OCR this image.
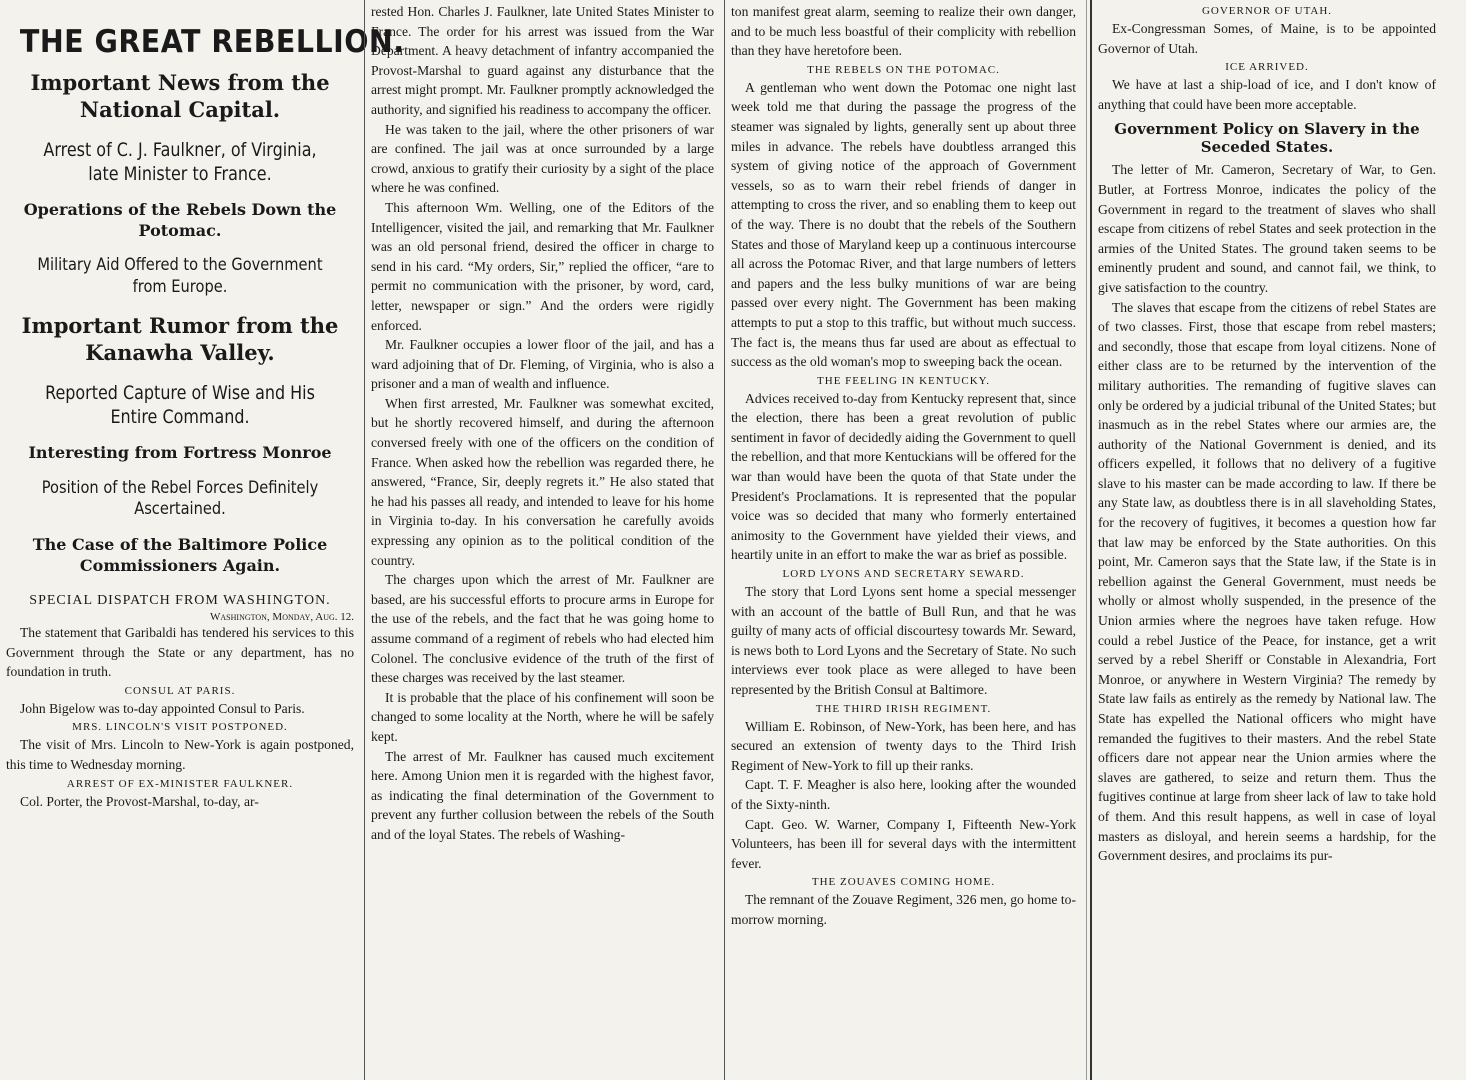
THE GREAT REBELLION.
Important News from the National Capital.
Arrest of C. J. Faulkner, of Virginia, late Minister to France.
Operations of the Rebels Down the Potomac.
Military Aid Offered to the Government from Europe.
Important Rumor from the Kanawha Valley.
Reported Capture of Wise and His Entire Command.
Interesting from Fortress Monroe
Position of the Rebel Forces Definitely Ascertained.
The Case of the Baltimore Police Commissioners Again.
SPECIAL DISPATCH FROM WASHINGTON.
Washington, Monday, Aug. 12.

The statement that Garibaldi has tendered his services to this Government through the State or any department, has no foundation in truth.

CONSUL AT PARIS.

John Bigelow was to-day appointed Consul to Paris.

MRS. LINCOLN'S VISIT POSTPONED.

The visit of Mrs. Lincoln to New-York is again postponed, this time to Wednesday morning.

ARREST OF EX-MINISTER FAULKNER.

Col. Porter, the Provost-Marshal, to-day, ar-

rested Hon. Charles J. Faulkner, late United States Minister to France. The order for his arrest was issued from the War Department. A heavy detachment of infantry accompanied the Provost-Marshal to guard against any disturbance that the arrest might prompt. Mr. Faulkner promptly acknowledged the authority, and signified his readiness to accompany the officer.

He was taken to the jail, where the other prisoners of war are confined. The jail was at once surrounded by a large crowd, anxious to gratify their curiosity by a sight of the place where he was confined.

This afternoon Wm. Welling, one of the Editors of the Intelligencer, visited the jail, and remarking that Mr. Faulkner was an old personal friend, desired the officer in charge to send in his card. “My orders, Sir,” replied the officer, “are to permit no communication with the prisoner, by word, card, letter, newspaper or sign.” And the orders were rigidly enforced.

Mr. Faulkner occupies a lower floor of the jail, and has a ward adjoining that of Dr. Fleming, of Virginia, who is also a prisoner and a man of wealth and influence.

When first arrested, Mr. Faulkner was somewhat excited, but he shortly recovered himself, and during the afternoon conversed freely with one of the officers on the condition of France. When asked how the rebellion was regarded there, he answered, “France, Sir, deeply regrets it.” He also stated that he had his passes all ready, and intended to leave for his home in Virginia to-day. In his conversation he carefully avoids expressing any opinion as to the political condition of the country.

The charges upon which the arrest of Mr. Faulkner are based, are his successful efforts to procure arms in Europe for the use of the rebels, and the fact that he was going home to assume command of a regiment of rebels who had elected him Colonel. The conclusive evidence of the truth of the first of these charges was received by the last steamer.

It is probable that the place of his confinement will soon be changed to some locality at the North, where he will be safely kept.

The arrest of Mr. Faulkner has caused much excitement here. Among Union men it is regarded with the highest favor, as indicating the final determination of the Government to prevent any further collusion between the rebels of the South and of the loyal States. The rebels of Washing-

ton manifest great alarm, seeming to realize their own danger, and to be much less boastful of their complicity with rebellion than they have heretofore been.

THE REBELS ON THE POTOMAC.

A gentleman who went down the Potomac one night last week told me that during the passage the progress of the steamer was signaled by lights, generally sent up about three miles in advance. The rebels have doubtless arranged this system of giving notice of the approach of Government vessels, so as to warn their rebel friends of danger in attempting to cross the river, and so enabling them to keep out of the way. There is no doubt that the rebels of the Southern States and those of Maryland keep up a continuous intercourse all across the Potomac River, and that large numbers of letters and papers and the less bulky munitions of war are being passed over every night. The Government has been making attempts to put a stop to this traffic, but without much success. The fact is, the means thus far used are about as effectual to success as the old woman's mop to sweeping back the ocean.

THE FEELING IN KENTUCKY.

Advices received to-day from Kentucky represent that, since the election, there has been a great revolution of public sentiment in favor of decidedly aiding the Government to quell the rebellion, and that more Kentuckians will be offered for the war than would have been the quota of that State under the President's Proclamations. It is represented that the popular voice was so decided that many who formerly entertained animosity to the Government have yielded their views, and heartily unite in an effort to make the war as brief as possible.

LORD LYONS AND SECRETARY SEWARD.

The story that Lord Lyons sent home a special messenger with an account of the battle of Bull Run, and that he was guilty of many acts of official discourtesy towards Mr. Seward, is news both to Lord Lyons and the Secretary of State. No such interviews ever took place as were alleged to have been represented by the British Consul at Baltimore.

THE THIRD IRISH REGIMENT.

William E. Robinson, of New-York, has been here, and has secured an extension of twenty days to the Third Irish Regiment of New-York to fill up their ranks.

Capt. T. F. Meagher is also here, looking after the wounded of the Sixty-ninth.

Capt. Geo. W. Warner, Company I, Fifteenth New-York Volunteers, has been ill for several days with the intermittent fever.

THE ZOUAVES COMING HOME.

The remnant of the Zouave Regiment, 326 men, go home to-morrow morning.

GOVERNOR OF UTAH.

Ex-Congressman Somes, of Maine, is to be appointed Governor of Utah.

ICE ARRIVED.

We have at last a ship-load of ice, and I don't know of anything that could have been more acceptable.

Government Policy on Slavery in the Seceded States.

The letter of Mr. Cameron, Secretary of War, to Gen. Butler, at Fortress Monroe, indicates the policy of the Government in regard to the treatment of slaves who shall escape from citizens of rebel States and seek protection in the armies of the United States. The ground taken seems to be eminently prudent and sound, and cannot fail, we think, to give satisfaction to the country.

The slaves that escape from the citizens of rebel States are of two classes. First, those that escape from rebel masters; and secondly, those that escape from loyal citizens. None of either class are to be returned by the intervention of the military authorities. The remanding of fugitive slaves can only be ordered by a judicial tribunal of the United States; but inasmuch as in the rebel States where our armies are, the authority of the National Government is denied, and its officers expelled, it follows that no delivery of a fugitive slave to his master can be made according to law. If there be any State law, as doubtless there is in all slaveholding States, for the recovery of fugitives, it becomes a question how far that law may be enforced by the State authorities. On this point, Mr. Cameron says that the State law, if the State is in rebellion against the General Government, must needs be wholly or almost wholly suspended, in the presence of the Union armies where the negroes have taken refuge. How could a rebel Justice of the Peace, for instance, get a writ served by a rebel Sheriff or Constable in Alexandria, Fort Monroe, or anywhere in Western Virginia? The remedy by State law fails as entirely as the remedy by National law. The State has expelled the National officers who might have remanded the fugitives to their masters. And the rebel State officers dare not appear near the Union armies where the slaves are gathered, to seize and return them. Thus the fugitives continue at large from sheer lack of law to take hold of them. And this result happens, as well in case of loyal masters as disloyal, and herein seems a hardship, for the Government desires, and proclaims its pur-
